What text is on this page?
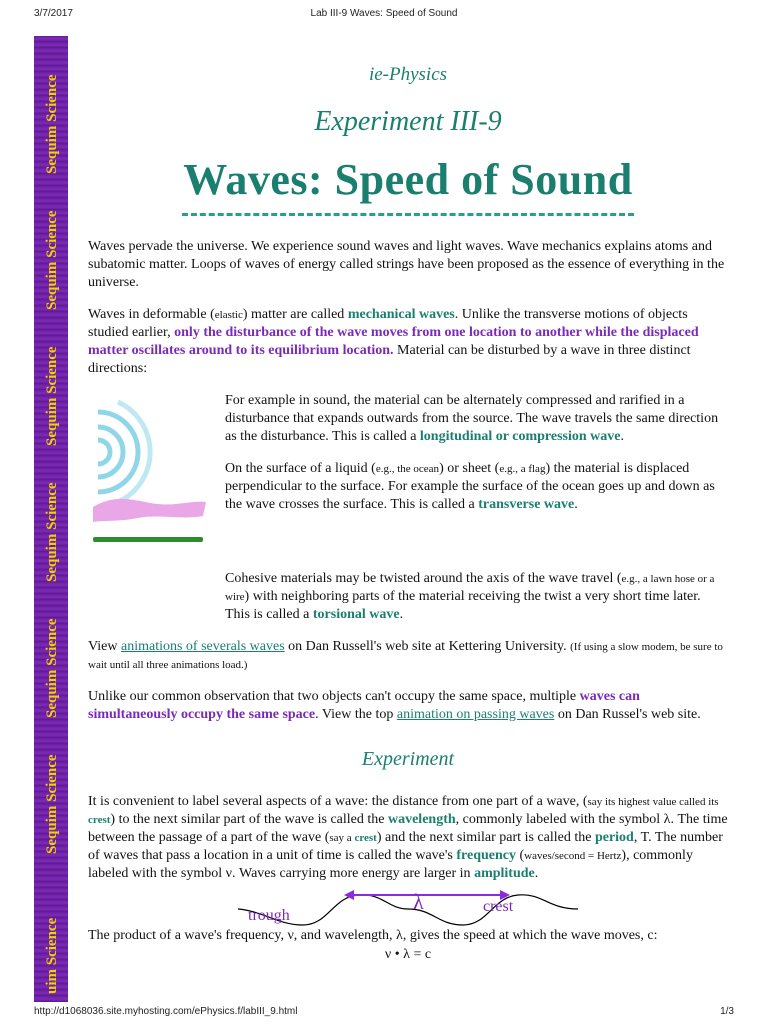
3/7/2017	Lab III-9 Waves: Speed of Sound
Sequim Science
Sequim Science
Sequim Science
Sequim Science
Sequim Science
Sequim Science
uim Science
ie-Physics
Experiment III-9
Waves: Speed of Sound

Waves pervade the universe. We experience sound waves and light waves. Wave mechanics explains atoms and subatomic matter. Loops of waves of energy called strings have been proposed as the essence of everything in the universe.

Waves in deformable (elastic) matter are called mechanical waves. Unlike the transverse motions of objects studied earlier, only the disturbance of the wave moves from one location to another while the displaced matter oscillates around to its equilibrium location. Material can be disturbed by a wave in three distinct directions:

For example in sound, the material can be alternately compressed and rarified in a disturbance that expands outwards from the source. The wave travels the same direction as the disturbance. This is called a longitudinal or compression wave.

On the surface of a liquid (e.g., the ocean) or sheet (e.g., a flag) the material is displaced perpendicular to the surface. For example the surface of the ocean goes up and down as the wave crosses the surface. This is called a transverse wave.

Cohesive materials may be twisted around the axis of the wave travel (e.g., a lawn hose or a wire) with neighboring parts of the material receiving the twist a very short time later. This is called a torsional wave.

View animations of severals waves on Dan Russell's web site at Kettering University. (If using a slow modem, be sure to wait until all three animations load.)

Unlike our common observation that two objects can't occupy the same space, multiple waves can simultaneously occupy the same space. View the top animation on passing waves on Dan Russel's web site.

Experiment

It is convenient to label several aspects of a wave: the distance from one part of a wave, (say its highest value called its crest) to the next similar part of the wave is called the wavelength, commonly labeled with the symbol λ. The time between the passage of a part of the wave (say a crest) and the next similar part is called the period, T. The number of waves that pass a location in a unit of time is called the wave's frequency (waves/second = Hertz), commonly labeled with the symbol ν. Waves carrying more energy are larger in amplitude.

trough
λ	crest

The product of a wave's frequency, ν, and wavelength, λ, gives the speed at which the wave moves, c:

ν • λ = c
http://d1068036.site.myhosting.com/ePhysics.f/labIII_9.html	1/3
